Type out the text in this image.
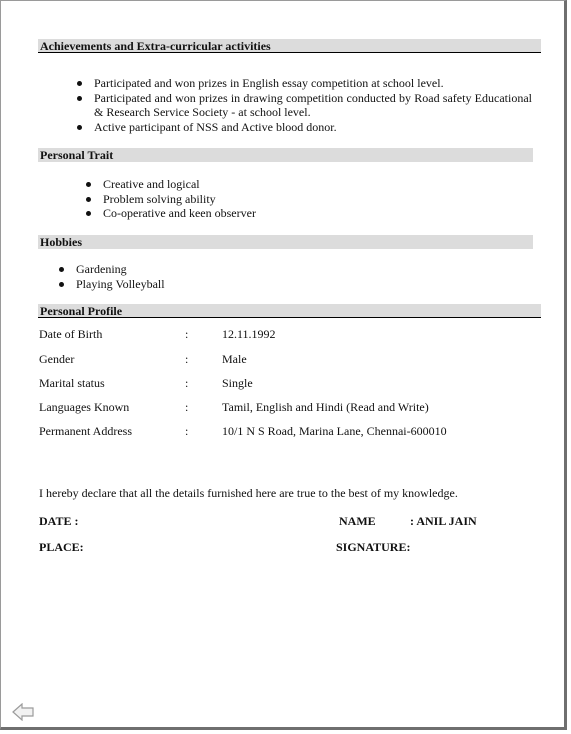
Achievements and Extra-curricular activities
Participated and won prizes in English essay competition at school level.
Participated and won prizes in drawing competition conducted by Road safety Educational & Research Service Society - at school level.
Active participant of NSS and Active blood donor.
Personal Trait
Creative and logical
Problem solving ability
Co-operative and keen observer
Hobbies
Gardening
Playing Volleyball
Personal Profile
Date of Birth	:	12.11.1992
Gender	:	Male
Marital status	:	Single
Languages Known	:	Tamil, English and Hindi (Read and Write)
Permanent Address	:	10/1 N S Road, Marina Lane, Chennai-600010
I hereby declare that all the details furnished here are true to the best of my knowledge.
DATE :	NAME	: ANIL JAIN
PLACE:	SIGNATURE:
